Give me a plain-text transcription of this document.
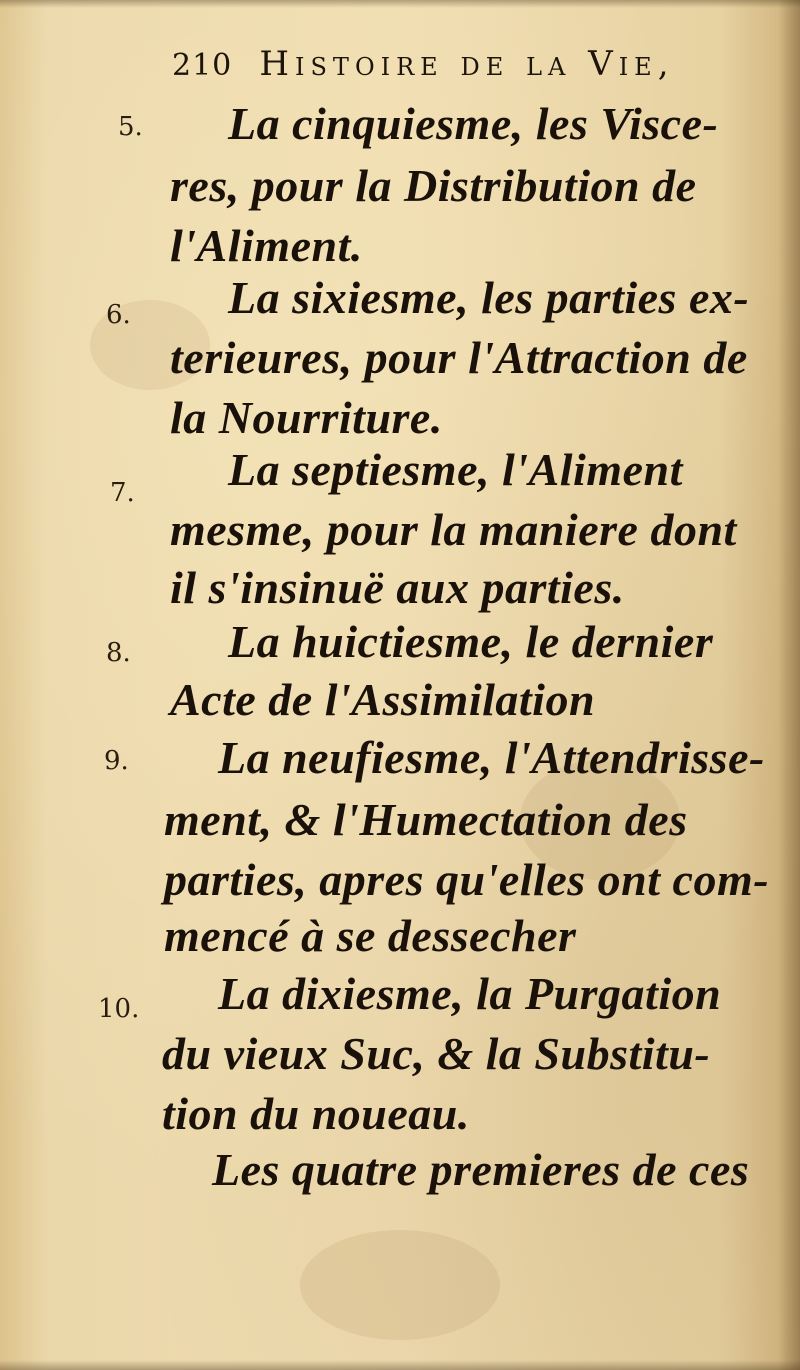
210 Histoire de la Vie,
5. La cinquiesme, les Visce-
res, pour la Distribution de
l'Aliment.
6. La sixiesme, les parties ex-
terieures, pour l'Attraction de
la Nourriture.
7. La septiesme, l'Aliment
mesme, pour la maniere dont
il s'insinuë aux parties.
8. La huictiesme, le dernier
Acte de l'Assimilation
9. La neufiesme, l'Attendrisse-
ment, & l'Humectation des
parties, apres qu'elles ont com-
mencé à se dessecher
10. La dixiesme, la Purgation
du vieux Suc, & la Substitu-
tion du noueau.
Les quatre premieres de ces
